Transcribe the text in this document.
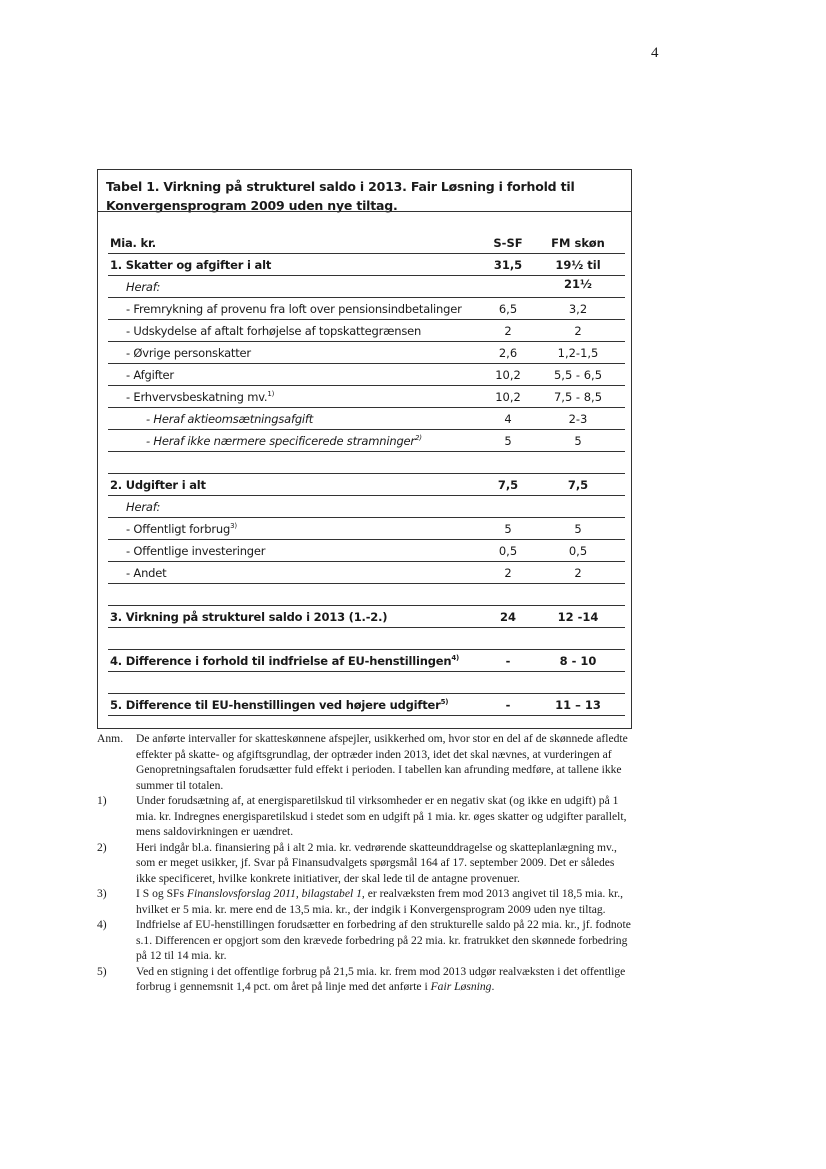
4
Tabel 1. Virkning på strukturel saldo i 2013. Fair Løsning i forhold til Konvergensprogram 2009 uden nye tiltag.
Mia. kr.	S-SF	FM skøn
1. Skatter og afgifter i alt	31,5	19½ til 21½
Heraf:
- Fremrykning af provenu fra loft over pensionsindbetalinger	6,5	3,2
- Udskydelse af aftalt forhøjelse af topskattegrænsen	2	2
- Øvrige personskatter	2,6	1,2-1,5
- Afgifter	10,2	5,5 - 6,5
- Erhvervsbeskatning mv.$^{1)}$	10,2	7,5 - 8,5
- Heraf aktieomsætningsafgift	4	2-3
- Heraf ikke nærmere specificerede stramninger$^{2)}$	5	5
2. Udgifter i alt	7,5	7,5
Heraf:
- Offentligt forbrug$^{3)}$	5	5
- Offentlige investeringer	0,5	0,5
- Andet	2	2
3. Virkning på strukturel saldo i 2013 (1.-2.)	24	12 -14
4. Difference i forhold til indfrielse af EU-henstillingen$^{4)}$	-	8 - 10
5. Difference til EU-henstillingen ved højere udgifter$^{5)}$	-	11 – 13
Anm. De anførte intervaller for skatteskønnene afspejler, usikkerhed om, hvor stor en del af de skønnede afledte effekter på skatte- og afgiftsgrundlag, der optræder inden 2013, idet det skal nævnes, at vurderingen af Genopretningsaftalen forudsætter fuld effekt i perioden. I tabellen kan afrunding medføre, at tallene ikke summer til totalen.
1)	Under forudsætning af, at energisparetilskud til virksomheder er en negativ skat (og ikke en udgift) på 1 mia. kr. Indregnes energisparetilskud i stedet som en udgift på 1 mia. kr. øges skatter og udgifter parallelt, mens saldovirkningen er uændret.
2)	Heri indgår bl.a. finansiering på i alt 2 mia. kr. vedrørende skatteunddragelse og skatteplanlægning mv., som er meget usikker, jf. Svar på Finansudvalgets spørgsmål 164 af 17. september 2009. Det er således ikke specificeret, hvilke konkrete initiativer, der skal lede til de antagne provenuer.
3)	I S og SFs Finanslovsforslag 2011, bilagstabel 1, er realvæksten frem mod 2013 angivet til 18,5 mia. kr., hvilket er 5 mia. kr. mere end de 13,5 mia. kr., der indgik i Konvergensprogram 2009 uden nye tiltag.
4)	Indfrielse af EU-henstillingen forudsætter en forbedring af den strukturelle saldo på 22 mia. kr., jf. fodnote s.1. Differencen er opgjort som den krævede forbedring på 22 mia. kr. fratrukket den skønnede forbedring på 12 til 14 mia. kr.
5)	Ved en stigning i det offentlige forbrug på 21,5 mia. kr. frem mod 2013 udgør realvæksten i det offentlige forbrug i gennemsnit 1,4 pct. om året på linje med det anførte i Fair Løsning.
